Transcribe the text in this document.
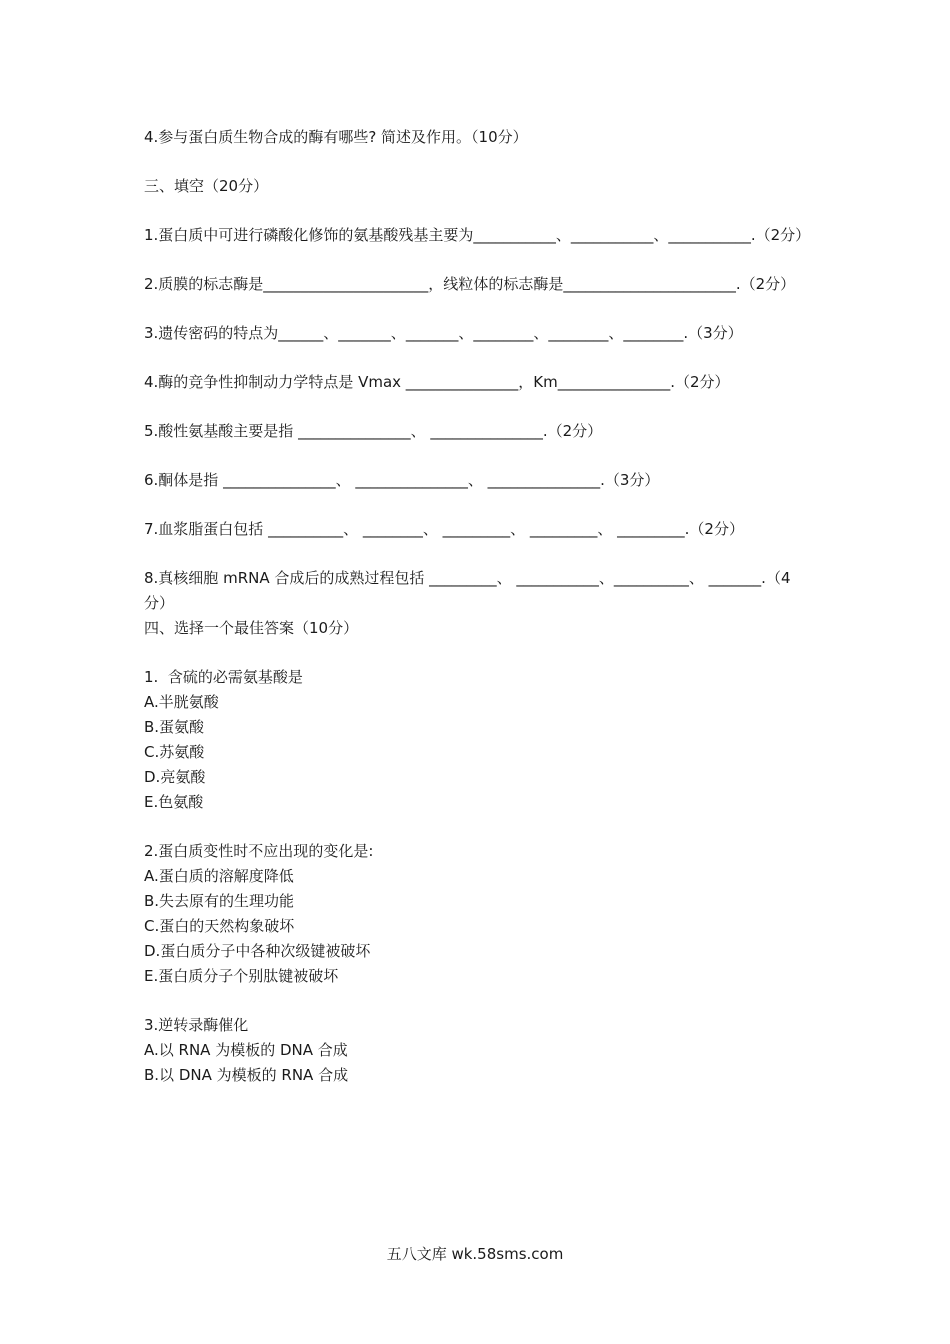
4.参与蛋白质生物合成的酶有哪些? 简述及作用。（10分）

三、填空（20分）

1.蛋白质中可进行磷酸化修饰的氨基酸残基主要为___________、___________、___________.（2分）

2.质膜的标志酶是______________________，线粒体的标志酶是_______________________.（2分）

3.遗传密码的特点为______、_______、_______、________、________、________.（3分）

4.酶的竞争性抑制动力学特点是 Vmax _______________，Km_______________.（2分）

5.酸性氨基酸主要是指 _______________、 _______________.（2分）

6.酮体是指 _______________、 _______________、 _______________.（3分）

7.血浆脂蛋白包括 __________、 ________、 _________、 _________、 _________.（2分）

8.真核细胞 mRNA 合成后的成熟过程包括 _________、 ___________、__________、 _______.（4分）

四、选择一个最佳答案（10分）

1.  含硫的必需氨基酸是

A.半胱氨酸

B.蛋氨酸

C.苏氨酸

D.亮氨酸

E.色氨酸

2.蛋白质变性时不应出现的变化是:

A.蛋白质的溶解度降低

B.失去原有的生理功能

C.蛋白的天然构象破坏

D.蛋白质分子中各种次级键被破坏

E.蛋白质分子个别肽键被破坏

3.逆转录酶催化

A.以 RNA 为模板的 DNA 合成

B.以 DNA 为模板的 RNA 合成

五八文库 wk.58sms.com
